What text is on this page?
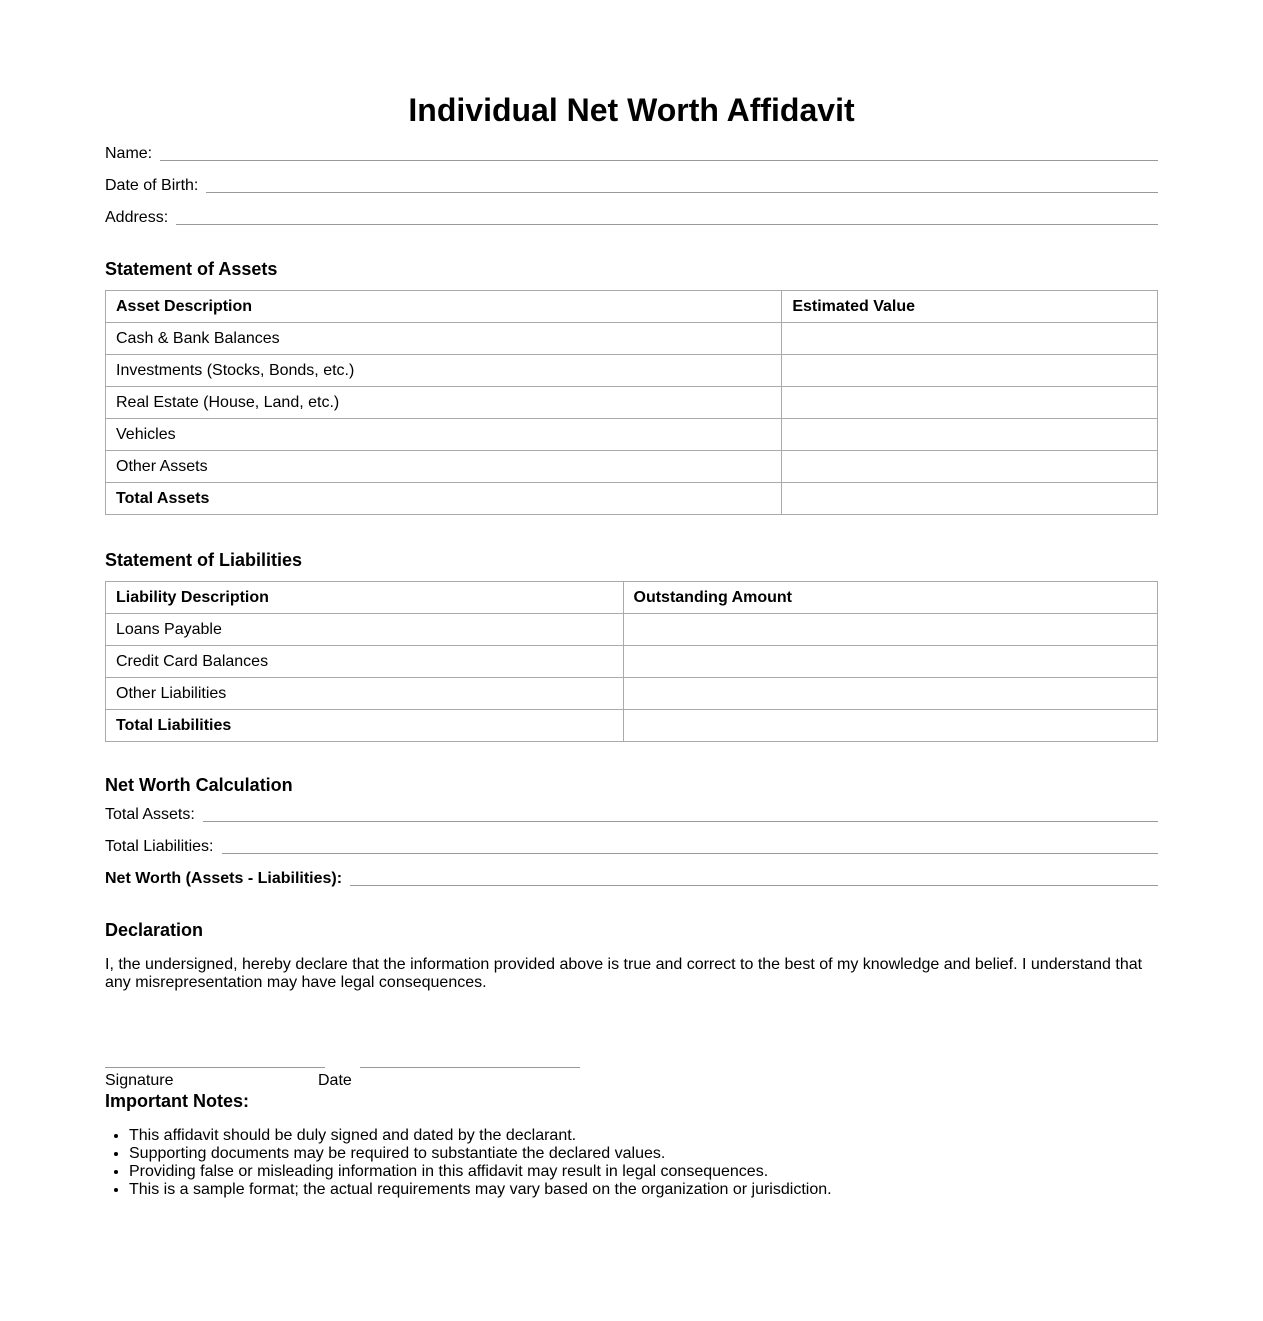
Individual Net Worth Affidavit
Name:
Date of Birth:
Address:
Statement of Assets
Asset Description	Estimated Value
Cash & Bank Balances	
Investments (Stocks, Bonds, etc.)	
Real Estate (House, Land, etc.)	
Vehicles	
Other Assets	
Total Assets	
Statement of Liabilities
Liability Description	Outstanding Amount
Loans Payable	
Credit Card Balances	
Other Liabilities	
Total Liabilities	
Net Worth Calculation
Total Assets:
Total Liabilities:
Net Worth (Assets - Liabilities):
Declaration
I, the undersigned, hereby declare that the information provided above is true and correct to the best of my knowledge and belief. I understand that any misrepresentation may have legal consequences.
Signature	Date
Important Notes:
• This affidavit should be duly signed and dated by the declarant.
• Supporting documents may be required to substantiate the declared values.
• Providing false or misleading information in this affidavit may result in legal consequences.
• This is a sample format; the actual requirements may vary based on the organization or jurisdiction.
